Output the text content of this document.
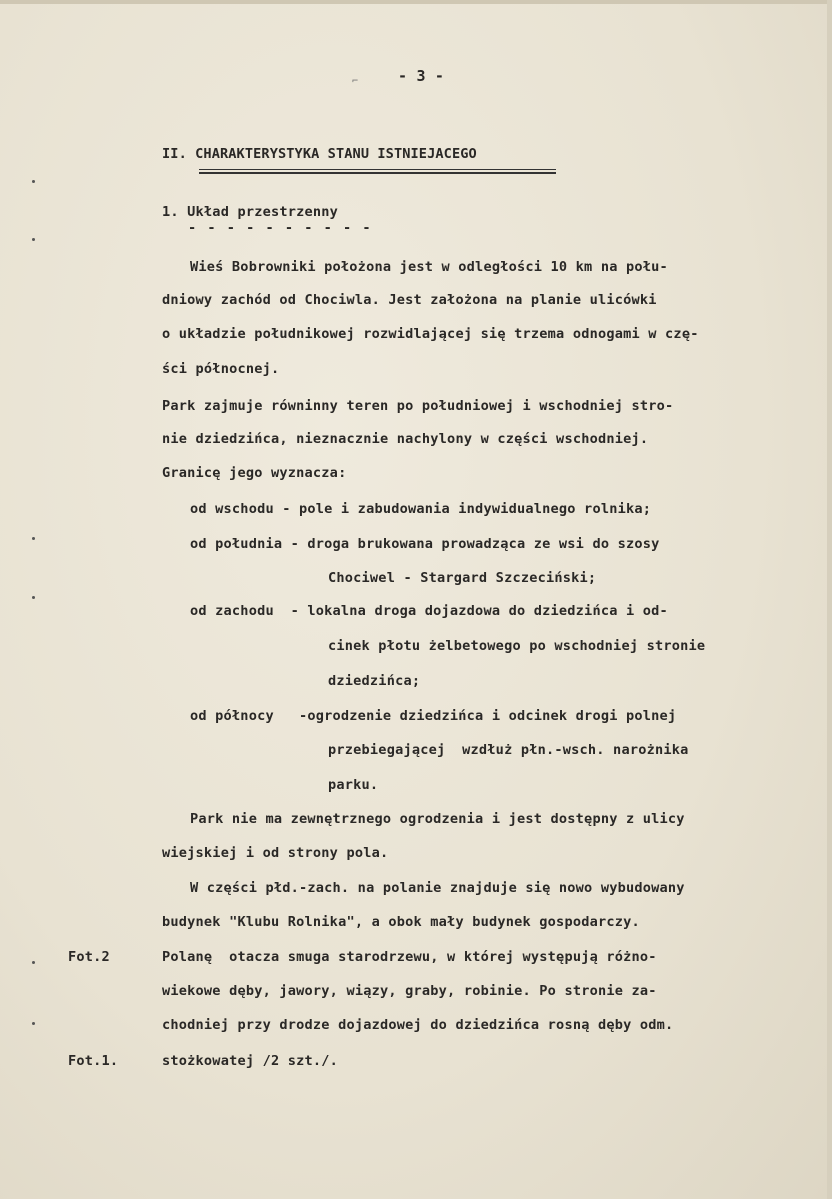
⌐	- 3 -
II. CHARAKTERYSTYKA STANU ISTNIEJACEGO
1. Układ przestrzenny
- - - - - - - - - -
Wieś Bobrowniki położona jest w odległości 10 km na połu-
dniowy zachód od Chociwla. Jest założona na planie ulicówki
o układzie południkowej rozwidlającej się trzema odnogami w czę-
ści północnej.
Park zajmuje równinny teren po południowej i wschodniej stro-
nie dziedzińca, nieznacznie nachylony w części wschodniej.
Granicę jego wyznacza:
od wschodu - pole i zabudowania indywidualnego rolnika;
od południa - droga brukowana prowadząca ze wsi do szosy
Chocіwel - Stargard Szczeciński;
od zachodu  - lokalna droga dojazdowa do dziedzińca i od-
cinek płotu żelbetowego po wschodniej stronie
dziedzińca;
od północy   -ogrodzenie dziedzińca i odcinek drogi polnej
przebiegającej  wzdłuż płn.-wsch. narożnika
parku.
Park nie ma zewnętrznego ogrodzenia i jest dostępny z ulicy
wiejskiej i od strony pola.
W części płd.-zach. na polanie znajduje się nowo wybudowany
budynek "Klubu Rolnika", a obok mały budynek gospodarczy.
Polanę  otacza smuga starodrzewu, w której występują różno-
wiekowe dęby, jawory, wiązy, graby, robinie. Po stronie za-
chodniej przy drodze dojazdowej do dziedzińca rosną dęby odm.
stożkowatej /2 szt./.
Fot.2
Fot.1.
